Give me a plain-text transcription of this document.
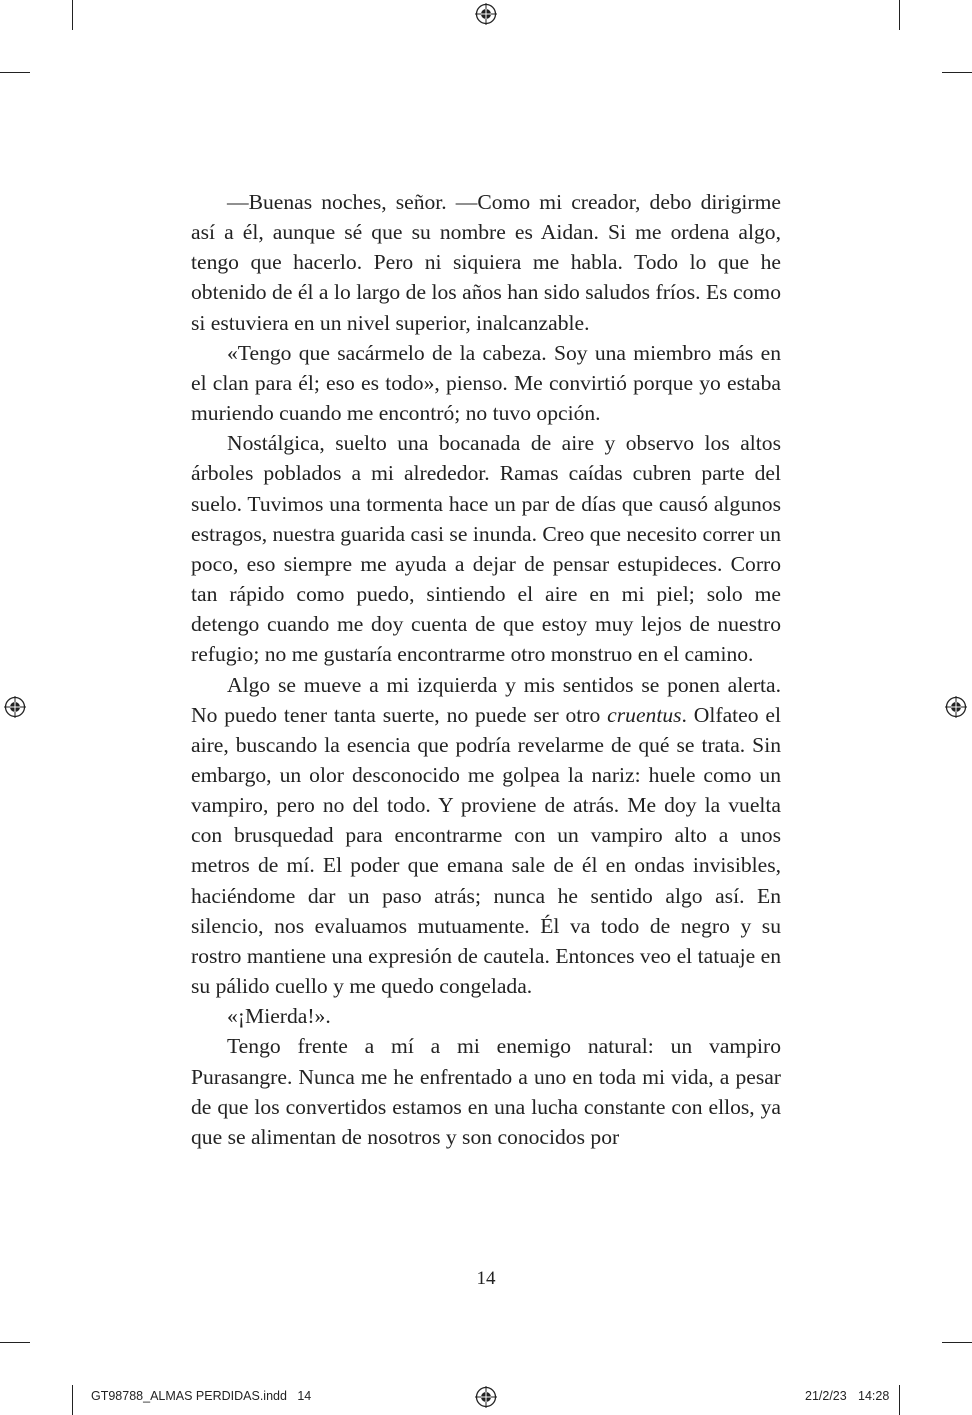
—Buenas noches, señor. —Como mi creador, debo dirigirme así a él, aunque sé que su nombre es Aidan. Si me ordena algo, tengo que hacerlo. Pero ni siquiera me habla. Todo lo que he obtenido de él a lo largo de los años han sido saludos fríos. Es como si estuviera en un nivel superior, inalcanzable.

«Tengo que sacármelo de la cabeza. Soy una miembro más en el clan para él; eso es todo», pienso. Me convirtió porque yo estaba muriendo cuando me encontró; no tuvo opción.

Nostálgica, suelto una bocanada de aire y observo los altos árboles poblados a mi alrededor. Ramas caídas cubren parte del suelo. Tuvimos una tormenta hace un par de días que causó algunos estragos, nuestra guarida casi se inunda. Creo que necesito correr un poco, eso siempre me ayuda a dejar de pensar estupideces. Corro tan rápido como puedo, sintiendo el aire en mi piel; solo me detengo cuando me doy cuenta de que estoy muy lejos de nuestro refugio; no me gustaría encontrarme otro monstruo en el camino.

Algo se mueve a mi izquierda y mis sentidos se ponen alerta. No puedo tener tanta suerte, no puede ser otro cruentus. Olfateo el aire, buscando la esencia que podría revelarme de qué se trata. Sin embargo, un olor desconocido me golpea la nariz: huele como un vampiro, pero no del todo. Y proviene de atrás. Me doy la vuelta con brusquedad para encontrarme con un vampiro alto a unos metros de mí. El poder que emana sale de él en ondas invisibles, haciéndome dar un paso atrás; nunca he sentido algo así. En silencio, nos evaluamos mutuamente. Él va todo de negro y su rostro mantiene una expresión de cautela. Entonces veo el tatuaje en su pálido cuello y me quedo congelada.

«¡Mierda!».

Tengo frente a mí a mi enemigo natural: un vampiro Purasangre. Nunca me he enfrentado a uno en toda mi vida, a pesar de que los convertidos estamos en una lucha constante con ellos, ya que se alimentan de nosotros y son conocidos por

14
GT98788_ALMAS PERDIDAS.indd   14	21/2/23 14:28
